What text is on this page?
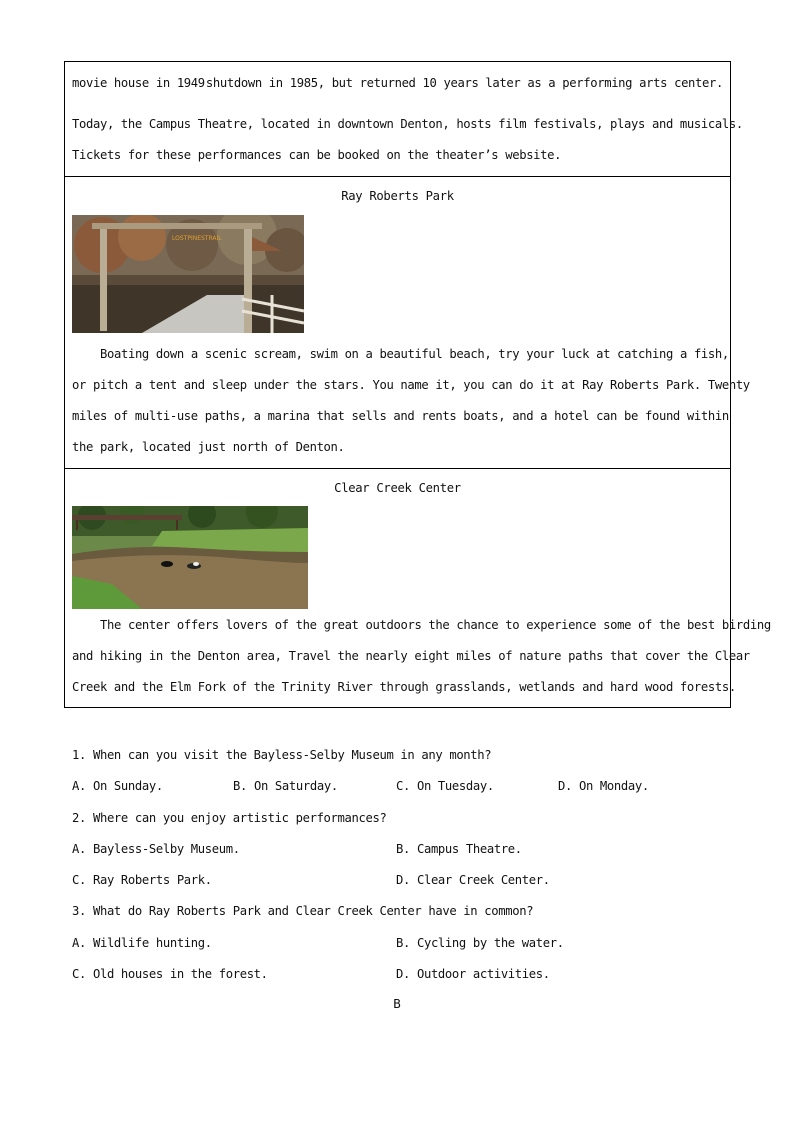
movie house in 1949 shutdown in 1985, but returned 10 years later as a performing arts center.
Today, the Campus Theatre, located in downtown Denton, hosts film festivals, plays and musicals.
Tickets for these performances can be booked on the theater’s website.
Ray Roberts Park
LOSTPINESTRAIL
Boating down a scenic scream, swim on a beautiful beach, try your luck at catching a fish,
or pitch a tent and sleep under the stars. You name it, you can do it at Ray Roberts Park. Twenty
miles of multi-use paths, a marina that sells and rents boats, and a hotel can be found within
the park, located just north of Denton.
Clear Creek Center
The center offers lovers of the great outdoors the chance to experience some of the best birding
and hiking in the Denton area, Travel the nearly eight miles of nature paths that cover the Clear
Creek and the Elm Fork of the Trinity River through grasslands, wetlands and hard wood forests.
1. When can you visit the Bayless-Selby Museum in any month?
A. On Sunday.	B. On Saturday.	C. On Tuesday.	D. On Monday.
2. Where can you enjoy artistic performances?
A. Bayless-Selby Museum.	B. Campus Theatre.
C. Ray Roberts Park.	D. Clear Creek Center.
3. What do Ray Roberts Park and Clear Creek Center have in common?
A. Wildlife hunting.	B. Cycling by the water.
C. Old houses in the forest.	D. Outdoor activities.
B
